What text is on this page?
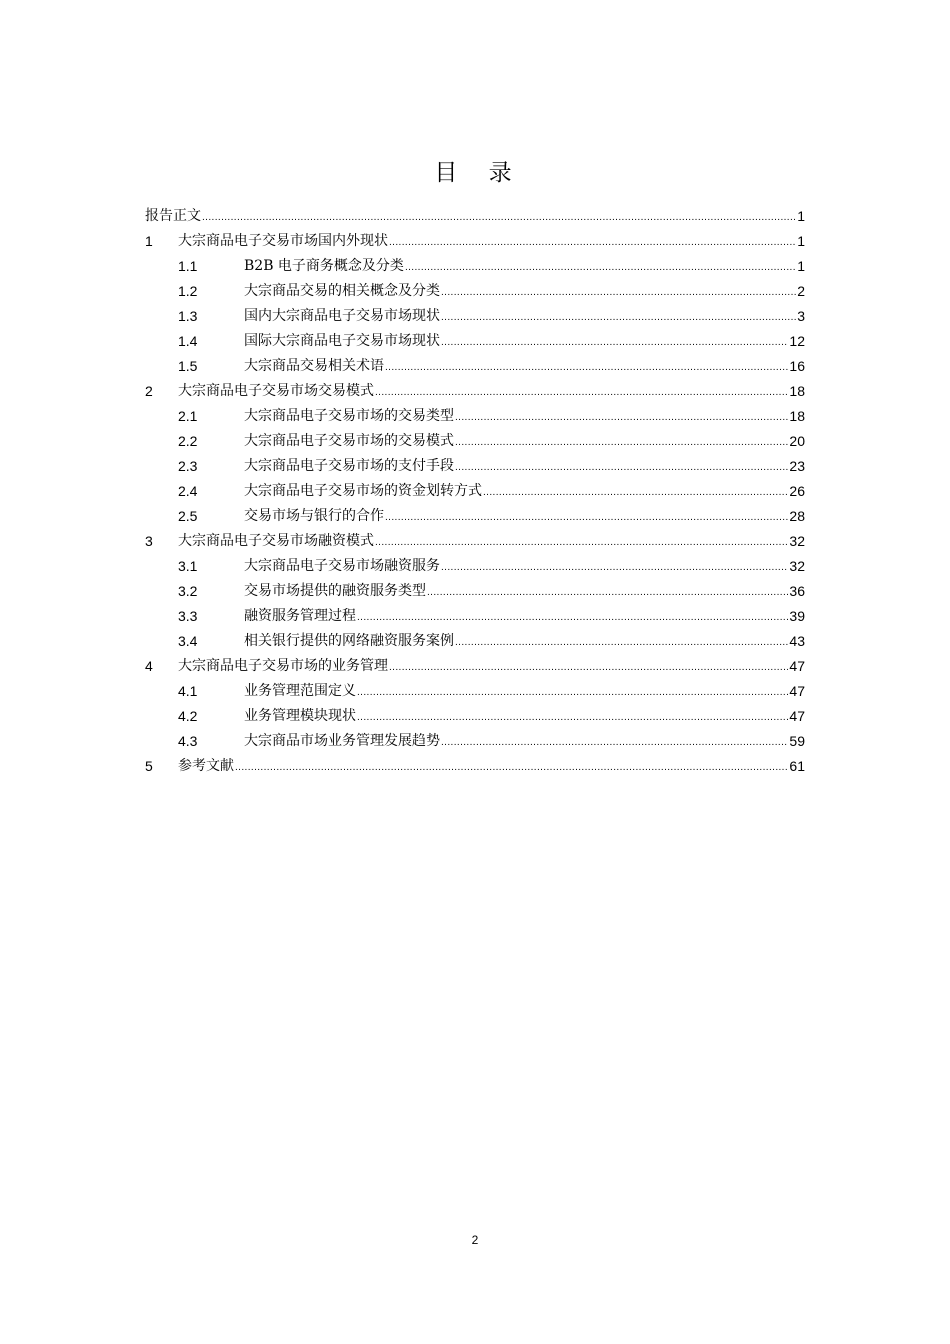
目 录
报告正文 .....	1
1	大宗商品电子交易市场国内外现状 .....	1
1.1	B2B 电子商务概念及分类 .....	1
1.2	大宗商品交易的相关概念及分类 .....	2
1.3	国内大宗商品电子交易市场现状 .....	3
1.4	国际大宗商品电子交易市场现状 .....	12
1.5	大宗商品交易相关术语 .....	16
2	大宗商品电子交易市场交易模式 .....	18
2.1	大宗商品电子交易市场的交易类型 .....	18
2.2	大宗商品电子交易市场的交易模式 .....	20
2.3	大宗商品电子交易市场的支付手段 .....	23
2.4	大宗商品电子交易市场的资金划转方式 .....	26
2.5	交易市场与银行的合作 .....	28
3	大宗商品电子交易市场融资模式 .....	32
3.1	大宗商品电子交易市场融资服务 .....	32
3.2	交易市场提供的融资服务类型 .....	36
3.3	融资服务管理过程 .....	39
3.4	相关银行提供的网络融资服务案例 .....	43
4	大宗商品电子交易市场的业务管理 .....	47
4.1	业务管理范围定义 .....	47
4.2	业务管理模块现状 .....	47
4.3	大宗商品市场业务管理发展趋势 .....	59
5	参考文献 .....	61
2
